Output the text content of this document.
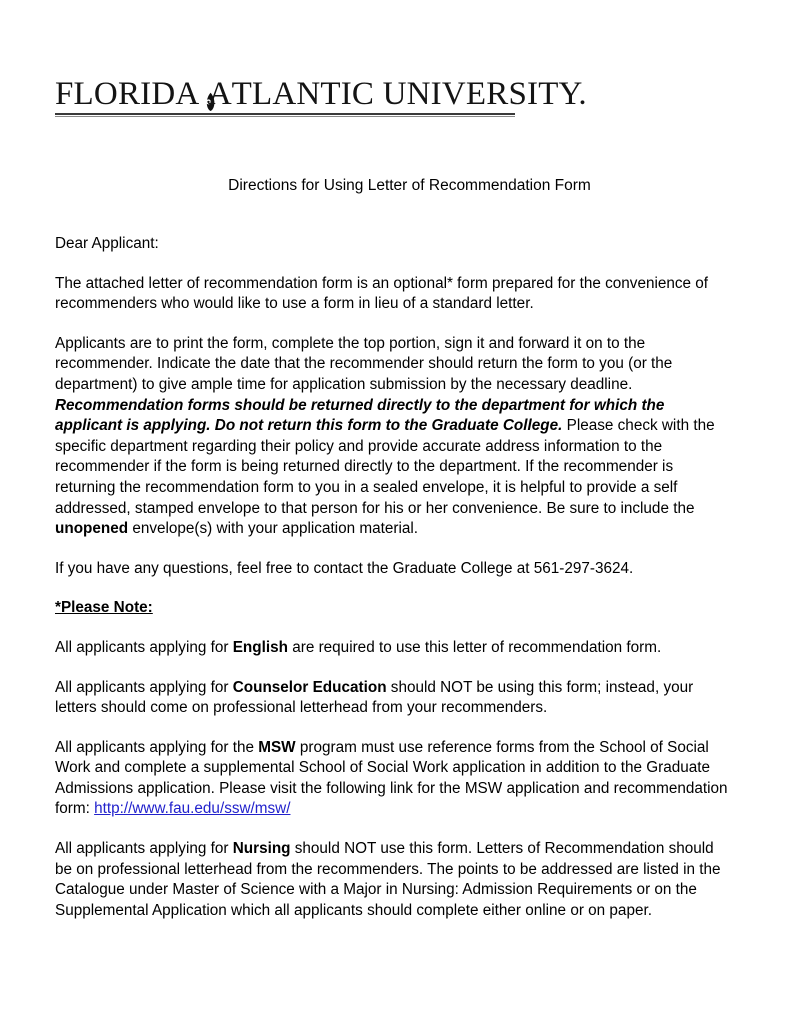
FLORIDA ATLANTIC UNIVERSITY.
Directions for Using Letter of Recommendation Form

Dear Applicant:

The attached letter of recommendation form is an optional* form prepared for the convenience of recommenders who would like to use a form in lieu of a standard letter.

Applicants are to print the form, complete the top portion, sign it and forward it on to the recommender. Indicate the date that the recommender should return the form to you (or the department) to give ample time for application submission by the necessary deadline. Recommendation forms should be returned directly to the department for which the applicant is applying. Do not return this form to the Graduate College. Please check with the specific department regarding their policy and provide accurate address information to the recommender if the form is being returned directly to the department. If the recommender is returning the recommendation form to you in a sealed envelope, it is helpful to provide a self addressed, stamped envelope to that person for his or her convenience. Be sure to include the unopened envelope(s) with your application material.

If you have any questions, feel free to contact the Graduate College at 561-297-3624.

*Please Note:

All applicants applying for English are required to use this letter of recommendation form.

All applicants applying for Counselor Education should NOT be using this form; instead, your letters should come on professional letterhead from your recommenders.

All applicants applying for the MSW program must use reference forms from the School of Social Work and complete a supplemental School of Social Work application in addition to the Graduate Admissions application. Please visit the following link for the MSW application and recommendation form: http://www.fau.edu/ssw/msw/

All applicants applying for Nursing should NOT use this form. Letters of Recommendation should be on professional letterhead from the recommenders. The points to be addressed are listed in the Catalogue under Master of Science with a Major in Nursing: Admission Requirements or on the Supplemental Application which all applicants should complete either online or on paper.
